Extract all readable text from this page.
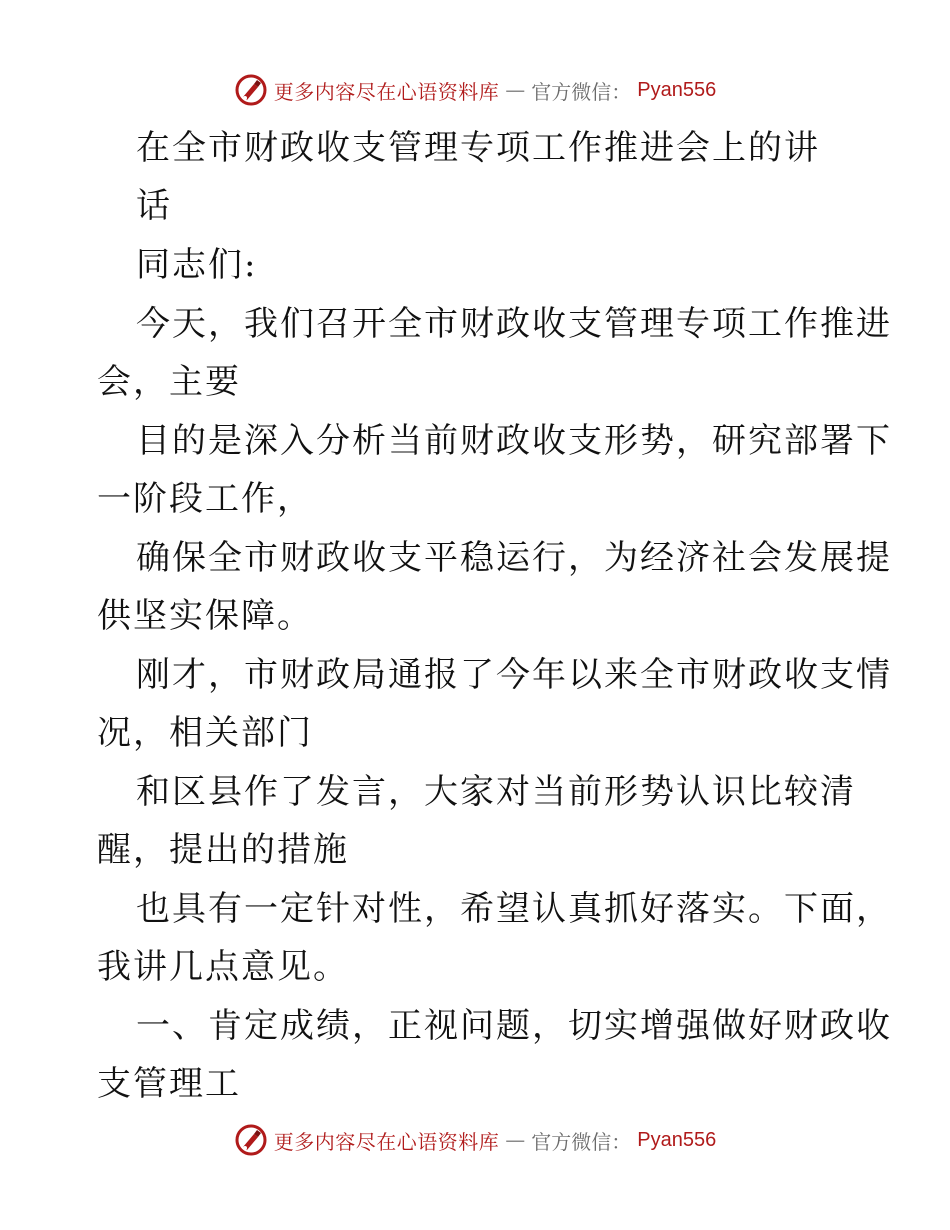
更多内容尽在心语资料库 — 官方微信： Pyan556
在全市财政收支管理专项工作推进会上的讲
话
同志们:
今天，我们召开全市财政收支管理专项工作推进
会，主要
目的是深入分析当前财政收支形势，研究部署下
一阶段工作，
确保全市财政收支平稳运行，为经济社会发展提
供坚实保障。
刚才，市财政局通报了今年以来全市财政收支情
况，相关部门
和区县作了发言，大家对当前形势认识比较清
醒，提出的措施
也具有一定针对性，希望认真抓好落实。下面，
我讲几点意见。
一、肯定成绩，正视问题，切实增强做好财政收
支管理工
更多内容尽在心语资料库 — 官方微信： Pyan556
